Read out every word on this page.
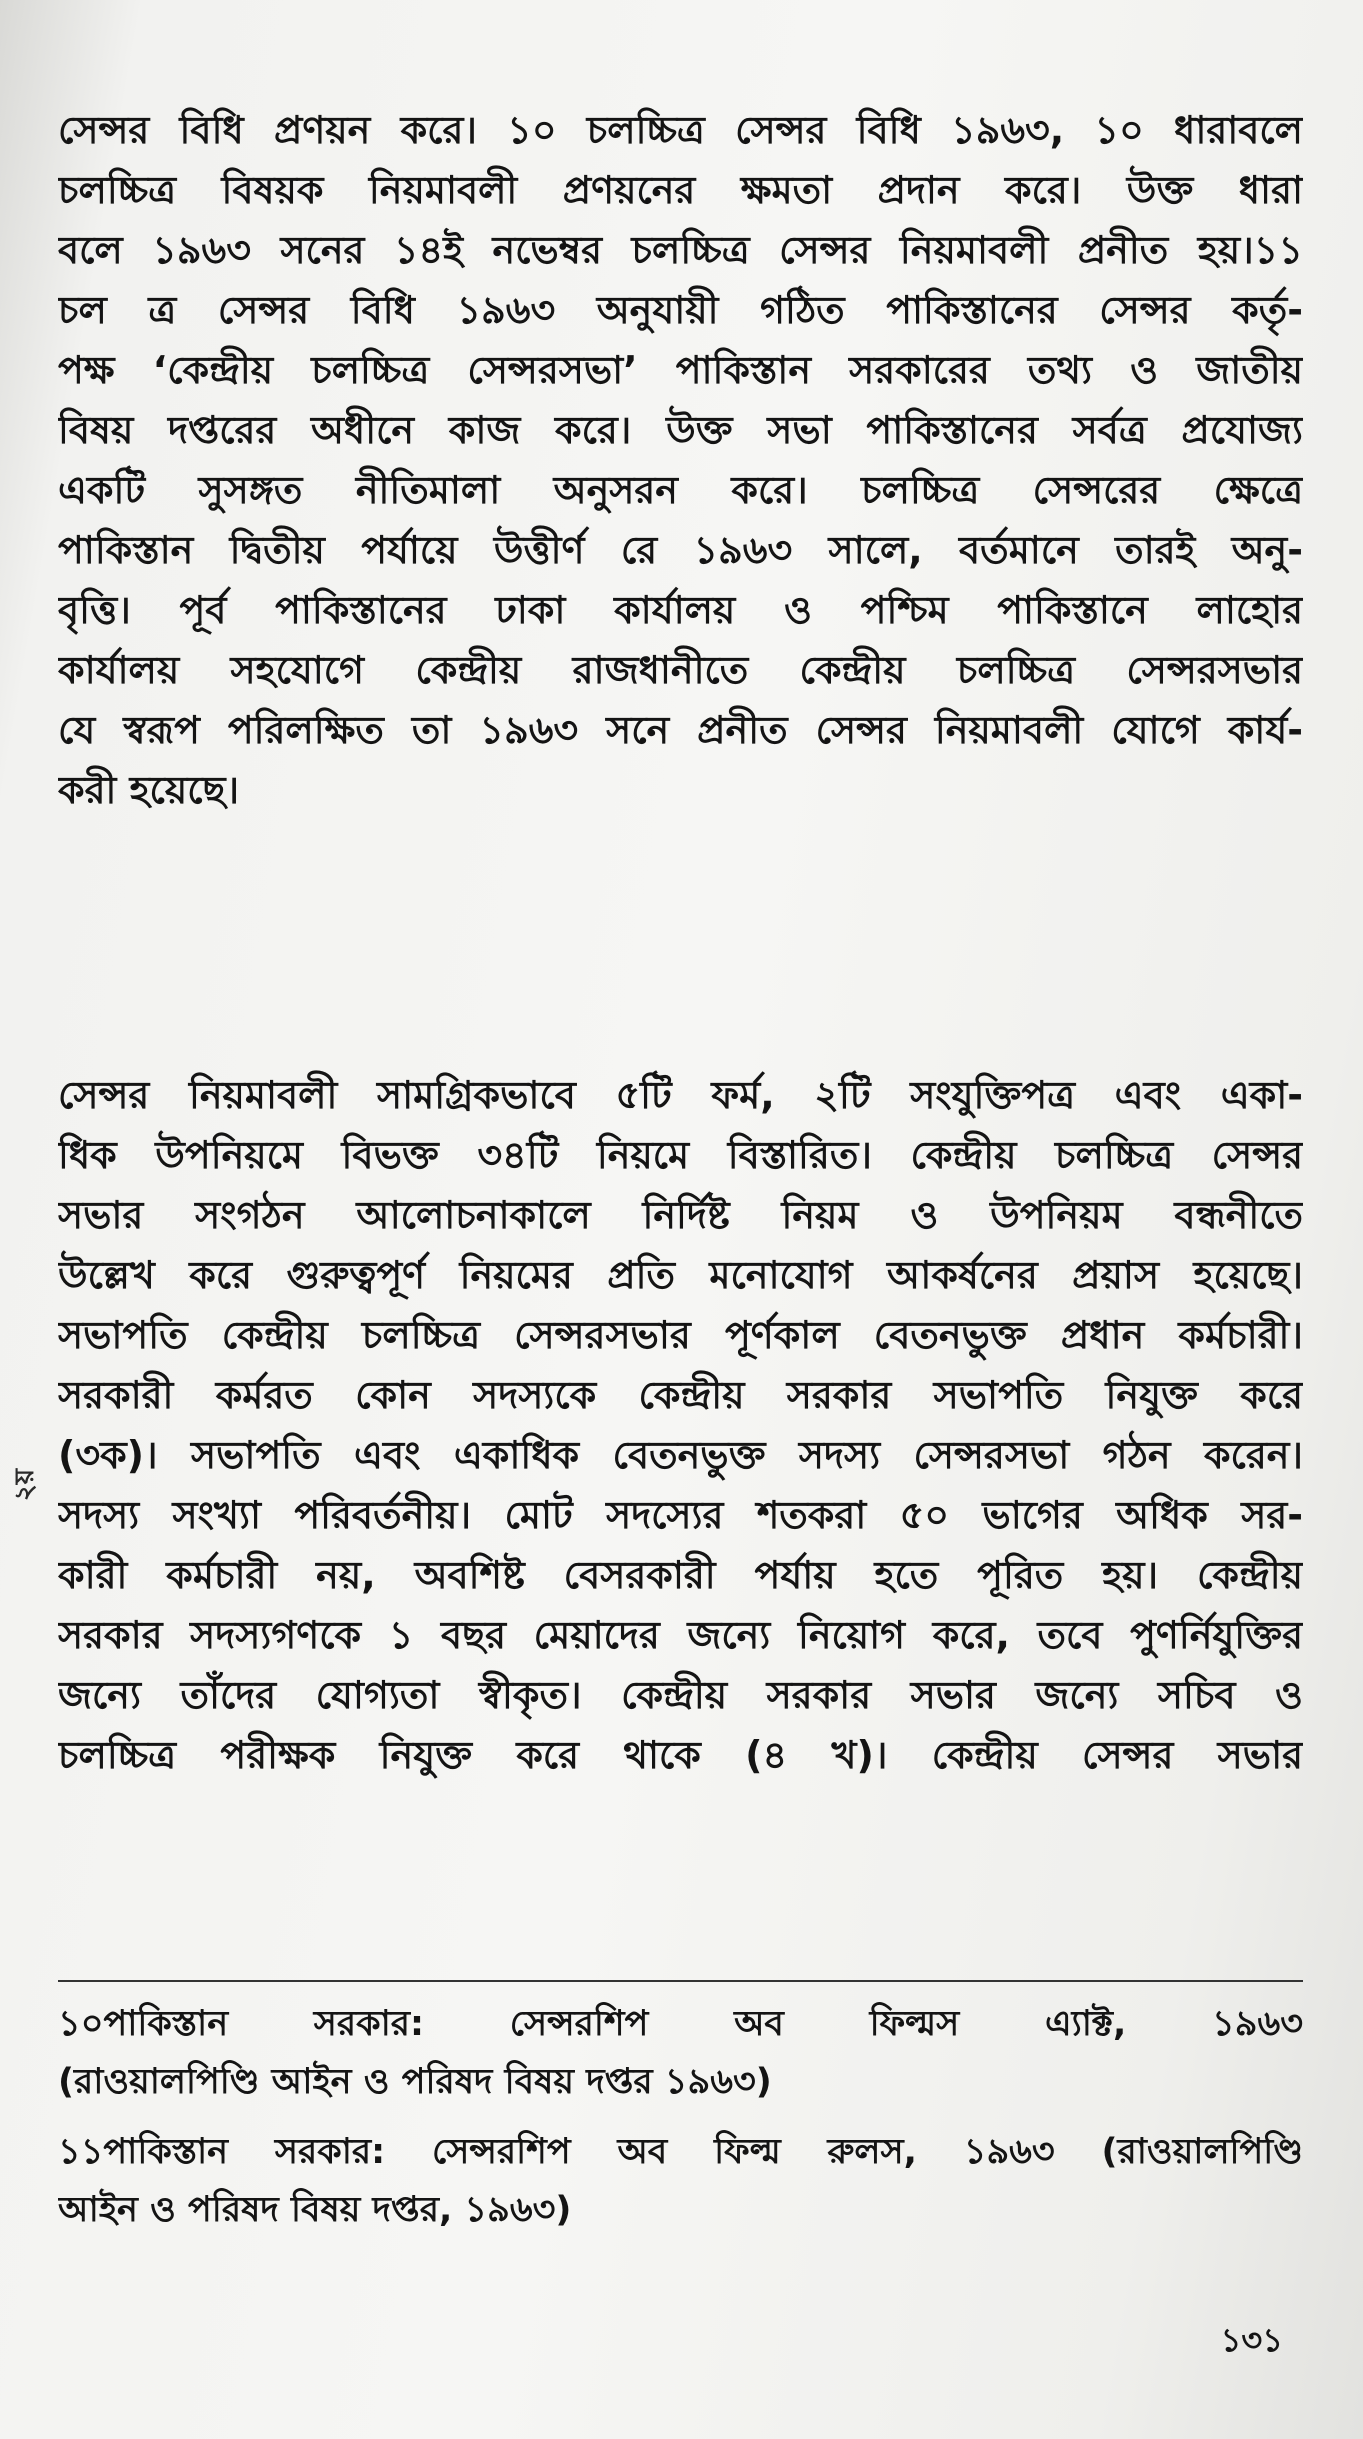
সেন্সর বিধি প্রণয়ন করে। ১০ চলচ্চিত্র সেন্সর বিধি ১৯৬৩, ১০ ধারাবলে
চলচ্চিত্র বিষয়ক নিয়মাবলী প্রণয়নের ক্ষমতা প্রদান করে। উক্ত ধারা
বলে ১৯৬৩ সনের ১৪ই নভেম্বর চলচ্চিত্র সেন্সর নিয়মাবলী প্রনীত হয়।১১
চল ত্র সেন্সর বিধি ১৯৬৩ অনুযায়ী গঠিত পাকিস্তানের সেন্সর কর্তৃ-
পক্ষ ‘কেন্দ্রীয় চলচ্চিত্র সেন্সরসভা’ পাকিস্তান সরকারের তথ্য ও জাতীয়
বিষয় দপ্তরের অধীনে কাজ করে। উক্ত সভা পাকিস্তানের সর্বত্র প্রযোজ্য
একটি সুসঙ্গত নীতিমালা অনুসরন করে। চলচ্চিত্র সেন্সরের ক্ষেত্রে
পাকিস্তান দ্বিতীয় পর্যায়ে উত্তীর্ণ রে ১৯৬৩ সালে, বর্তমানে তারই অনু-
বৃত্তি। পূর্ব পাকিস্তানের ঢাকা কার্যালয় ও পশ্চিম পাকিস্তানে লাহোর
কার্যালয় সহযোগে কেন্দ্রীয় রাজধানীতে কেন্দ্রীয় চলচ্চিত্র সেন্সরসভার
যে স্বরূপ পরিলক্ষিত তা ১৯৬৩ সনে প্রনীত সেন্সর নিয়মাবলী যোগে কার্য-
করী হয়েছে।
সেন্সর নিয়মাবলী সামগ্রিকভাবে ৫টি ফর্ম, ২টি সংযুক্তিপত্র এবং একা-
ধিক উপনিয়মে বিভক্ত ৩৪টি নিয়মে বিস্তারিত। কেন্দ্রীয় চলচ্চিত্র সেন্সর
সভার সংগঠন আলোচনাকালে নির্দিষ্ট নিয়ম ও উপনিয়ম বন্ধনীতে
উল্লেখ করে গুরুত্বপূর্ণ নিয়মের প্রতি মনোযোগ আকর্ষনের প্রয়াস হয়েছে।
সভাপতি কেন্দ্রীয় চলচ্চিত্র সেন্সরসভার পূর্ণকাল বেতনভুক্ত প্রধান কর্মচারী।
সরকারী কর্মরত কোন সদস্যকে কেন্দ্রীয় সরকার সভাপতি নিযুক্ত করে
(৩ক)। সভাপতি এবং একাধিক বেতনভুক্ত সদস্য সেন্সরসভা গঠন করেন।
সদস্য সংখ্যা পরিবর্তনীয়। মোট সদস্যের শতকরা ৫০ ভাগের অধিক সর-
কারী কর্মচারী নয়, অবশিষ্ট বেসরকারী পর্যায় হতে পূরিত হয়। কেন্দ্রীয়
সরকার সদস্যগণকে ১ বছর মেয়াদের জন্যে নিয়োগ করে, তবে পুণর্নিযুক্তির
জন্যে তাঁদের যোগ্যতা স্বীকৃত। কেন্দ্রীয় সরকার সভার জন্যে সচিব ও
চলচ্চিত্র পরীক্ষক নিযুক্ত করে থাকে (৪ খ)। কেন্দ্রীয় সেন্সর সভার
২য়
১০পাকিস্তান সরকার: সেন্সরশিপ অব ফিল্মস এ্যাক্ট, ১৯৬৩
(রাওয়ালপিণ্ডি আইন ও পরিষদ বিষয় দপ্তর ১৯৬৩)
১১পাকিস্তান সরকার: সেন্সরশিপ অব ফিল্ম রুলস, ১৯৬৩ (রাওয়ালপিণ্ডি
আইন ও পরিষদ বিষয় দপ্তর, ১৯৬৩)
১৩১
